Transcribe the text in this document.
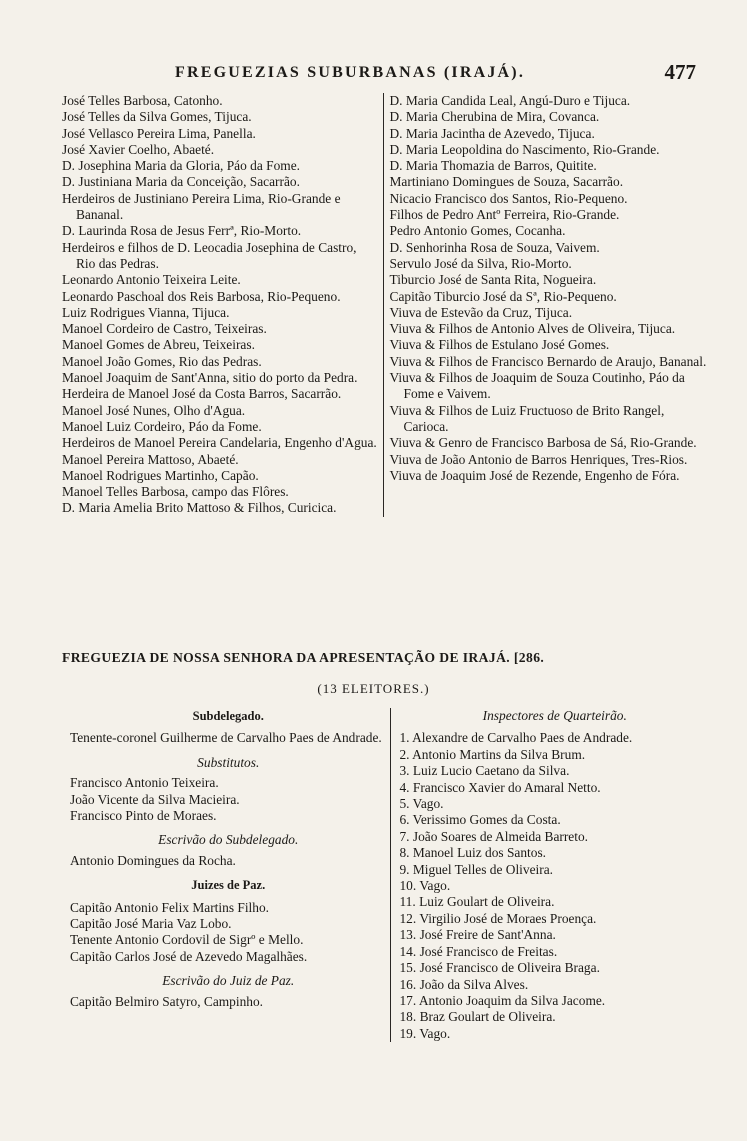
FREGUEZIAS SUBURBANAS (IRAJÁ).	477
José Telles Barbosa, Catonho.
José Telles da Silva Gomes, Tijuca.
José Vellasco Pereira Lima, Panella.
José Xavier Coelho, Abaeté.
D. Josephina Maria da Gloria, Páo da Fome.
D. Justiniana Maria da Conceição, Sacarrão.
Herdeiros de Justiniano Pereira Lima, Rio-Grande e Bananal.
D. Laurinda Rosa de Jesus Ferrª, Rio-Morto.
Herdeiros e filhos de D. Leocadia Josephina de Castro, Rio das Pedras.
Leonardo Antonio Teixeira Leite.
Leonardo Paschoal dos Reis Barbosa, Rio-Pequeno.
Luiz Rodrigues Vianna, Tijuca.
Manoel Cordeiro de Castro, Teixeiras.
Manoel Gomes de Abreu, Teixeiras.
Manoel João Gomes, Rio das Pedras.
Manoel Joaquim de Sant'Anna, sitio do porto da Pedra.
Herdeira de Manoel José da Costa Barros, Sacarrão.
Manoel José Nunes, Olho d'Agua.
Manoel Luiz Cordeiro, Páo da Fome.
Herdeiros de Manoel Pereira Candelaria, Engenho d'Agua.
Manoel Pereira Mattoso, Abaeté.
Manoel Rodrigues Martinho, Capão.
Manoel Telles Barbosa, campo das Flôres.
D. Maria Amelia Brito Mattoso & Filhos, Curicica.
D. Maria Candida Leal, Angú-Duro e Tijuca.
D. Maria Cherubina de Mira, Covanca.
D. Maria Jacintha de Azevedo, Tijuca.
D. Maria Leopoldina do Nascimento, Rio-Grande.
D. Maria Thomazia de Barros, Quitite.
Martiniano Domingues de Souza, Sacarrão.
Nicacio Francisco dos Santos, Rio-Pequeno.
Filhos de Pedro Antº Ferreira, Rio-Grande.
Pedro Antonio Gomes, Cocanha.
D. Senhorinha Rosa de Souza, Vaivem.
Servulo José da Silva, Rio-Morto.
Tiburcio José de Santa Rita, Nogueira.
Capitão Tiburcio José da Sª, Rio-Pequeno.
Viuva de Estevão da Cruz, Tijuca.
Viuva & Filhos de Antonio Alves de Oliveira, Tijuca.
Viuva & Filhos de Estulano José Gomes.
Viuva & Filhos de Francisco Bernardo de Araujo, Bananal.
Viuva & Filhos de Joaquim de Souza Coutinho, Páo da Fome e Vaivem.
Viuva & Filhos de Luiz Fructuoso de Brito Rangel, Carioca.
Viuva & Genro de Francisco Barbosa de Sá, Rio-Grande.
Viuva de João Antonio de Barros Henriques, Tres-Rios.
Viuva de Joaquim José de Rezende, Engenho de Fóra.
FREGUEZIA DE NOSSA SENHORA DA APRESENTAÇÃO DE IRAJÁ. [286.
(13 ELEITORES.)
Subdelegado.
Tenente-coronel Guilherme de Carvalho Paes de Andrade.
Substitutos.
Francisco Antonio Teixeira.
João Vicente da Silva Macieira.
Francisco Pinto de Moraes.
Escrivão do Subdelegado.
Antonio Domingues da Rocha.
Juizes de Paz.
Capitão Antonio Felix Martins Filho.
Capitão José Maria Vaz Lobo.
Tenente Antonio Cordovil de Sigrº e Mello.
Capitão Carlos José de Azevedo Magalhães.
Escrivão do Juiz de Paz.
Capitão Belmiro Satyro, Campinho.
Inspectores de Quarteirão.
1. Alexandre de Carvalho Paes de Andrade.
2. Antonio Martins da Silva Brum.
3. Luiz Lucio Caetano da Silva.
4. Francisco Xavier do Amaral Netto.
5. Vago.
6. Verissimo Gomes da Costa.
7. João Soares de Almeida Barreto.
8. Manoel Luiz dos Santos.
9. Miguel Telles de Oliveira.
10. Vago.
11. Luiz Goulart de Oliveira.
12. Virgilio José de Moraes Proença.
13. José Freire de Sant'Anna.
14. José Francisco de Freitas.
15. José Francisco de Oliveira Braga.
16. João da Silva Alves.
17. Antonio Joaquim da Silva Jacome.
18. Braz Goulart de Oliveira.
19. Vago.
